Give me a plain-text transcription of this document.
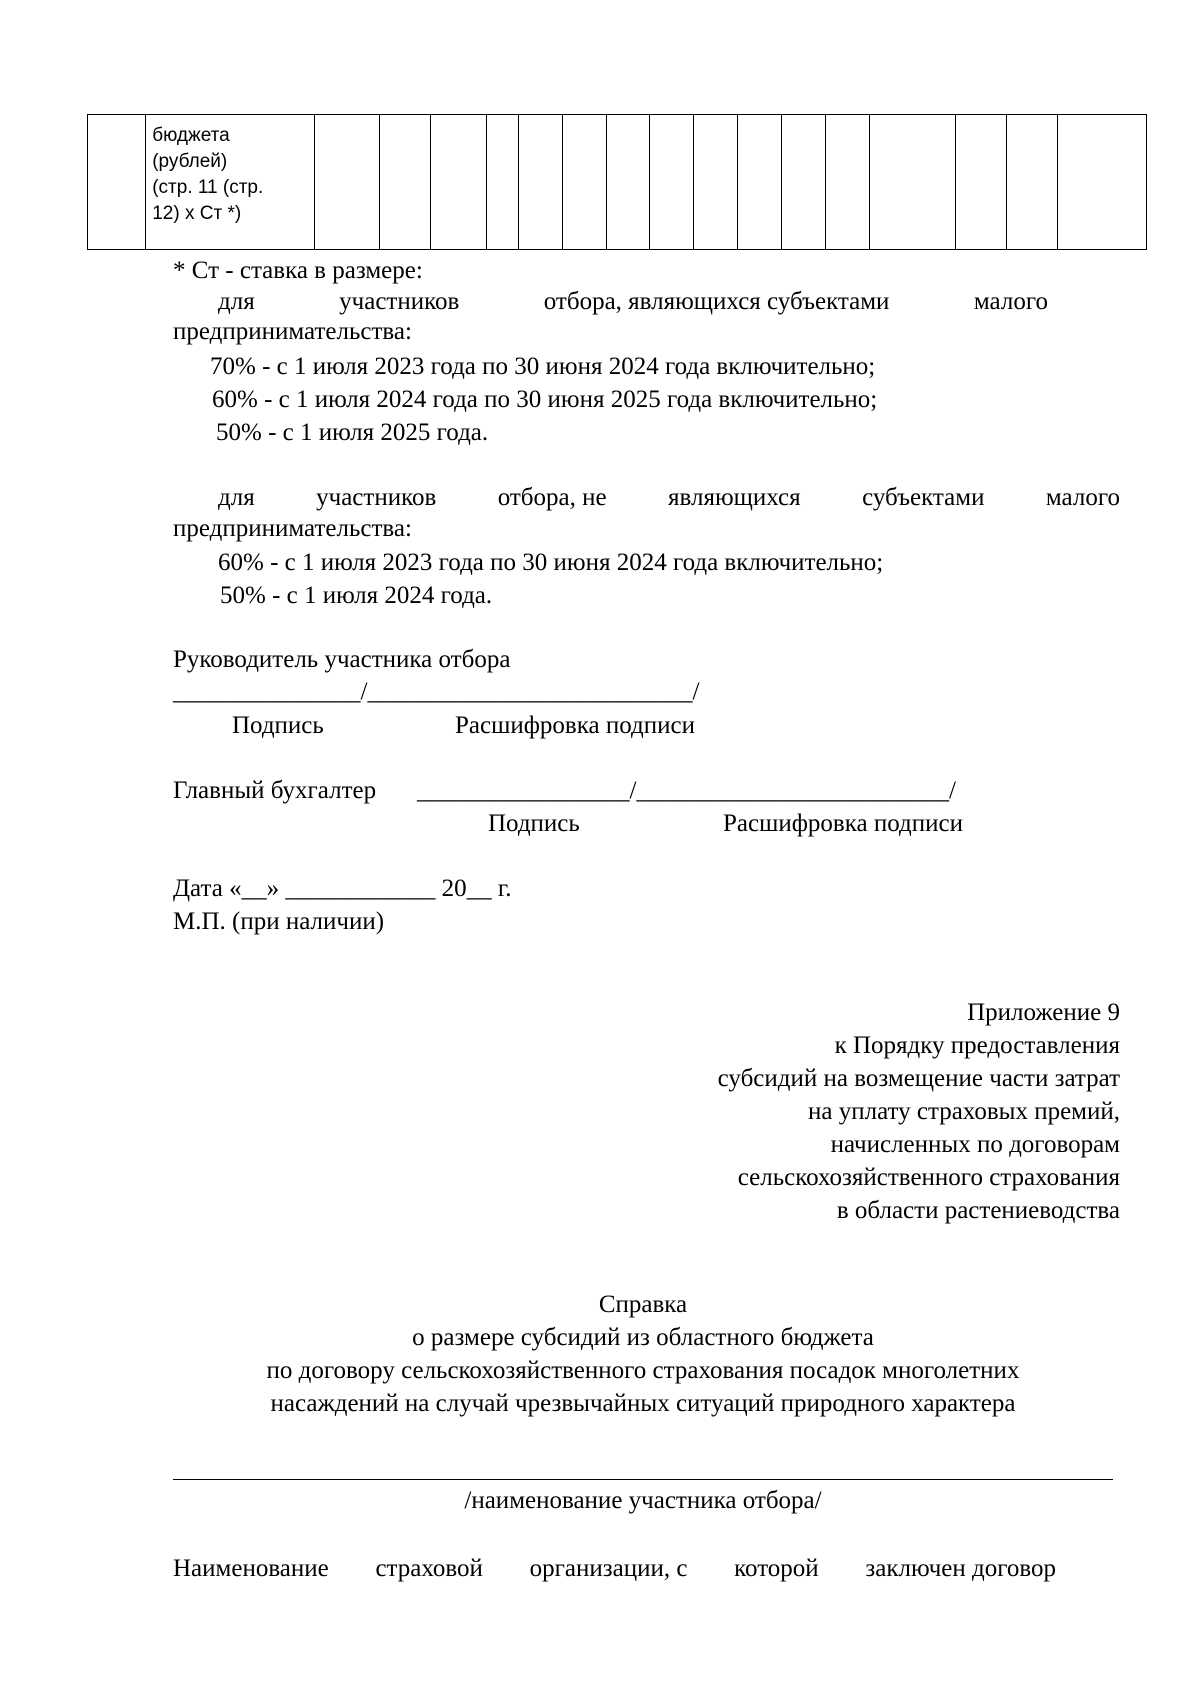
бюджета
(рублей)
(стр. 11 (стр.
12) x Ст *)

* Ст - ставка в размере:
для	участников	отбора, являющихся субъектами	малого
предпринимательства:
70% - с 1 июля 2023 года по 30 июня 2024 года включительно;
60% - с 1 июля 2024 года по 30 июня 2025 года включительно;
50% - с 1 июля 2025 года.
для участников отбора, не являющихся субъектами малого
предпринимательства:
60% - с 1 июля 2023 года по 30 июня 2024 года включительно;
50% - с 1 июля 2024 года.
Руководитель участника отбора
_______________/__________________________/
Подпись	Расшифровка подписи
Главный бухгалтер _________________/_________________________/
Подпись	Расшифровка подписи
Дата «__» ____________ 20__ г.
М.П. (при наличии)
Приложение 9
к Порядку предоставления
субсидий на возмещение части затрат
на уплату страховых премий,
начисленных по договорам
сельскохозяйственного страхования
в области растениеводства
Справка
о размере субсидий из областного бюджета
по договору сельскохозяйственного страхования посадок многолетних
насаждений на случай чрезвычайных ситуаций природного характера
/наименование участника отбора/
Наименование страховой организации, с которой заключен договор
